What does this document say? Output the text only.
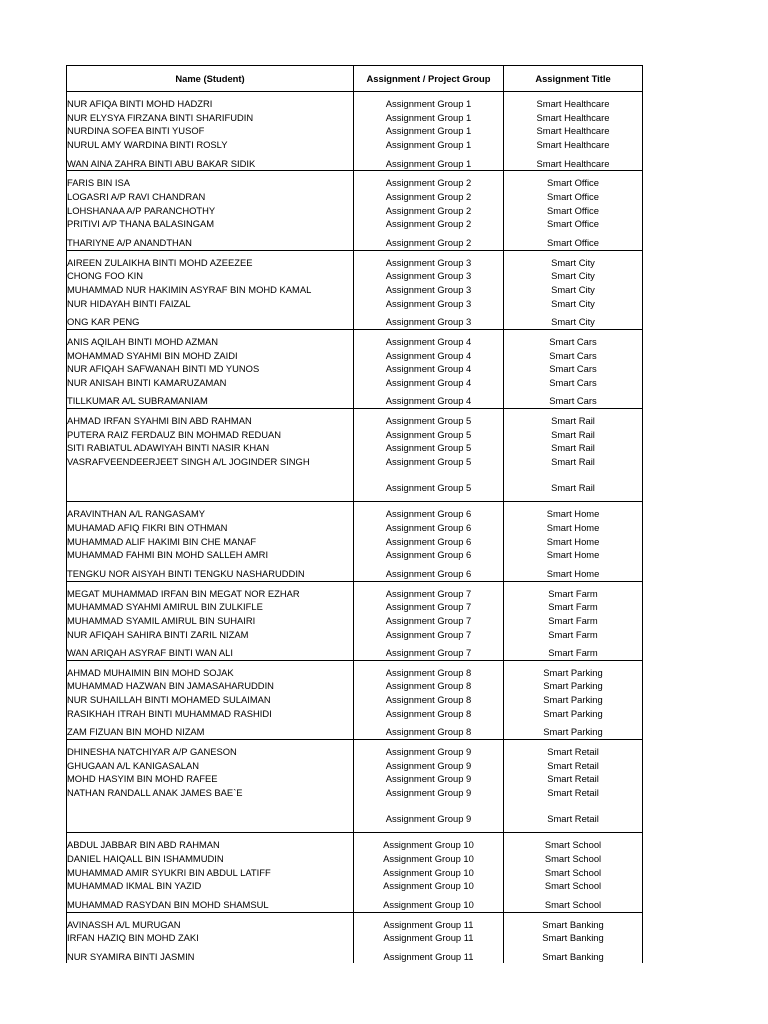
Name (Student)	Assignment / Project Group	Assignment Title

NUR AFIQA BINTI MOHD HADZRI	Assignment Group 1	Smart Healthcare
NUR ELYSYA FIRZANA BINTI SHARIFUDIN	Assignment Group 1	Smart Healthcare
NURDINA SOFEA BINTI YUSOF	Assignment Group 1	Smart Healthcare
NURUL AMY WARDINA BINTI ROSLY	Assignment Group 1	Smart Healthcare

WAN AINA ZAHRA BINTI ABU BAKAR SIDIK	Assignment Group 1	Smart Healthcare

FARIS BIN ISA	Assignment Group 2	Smart Office
LOGASRI A/P RAVI CHANDRAN	Assignment Group 2	Smart Office
LOHSHANAA A/P PARANCHOTHY	Assignment Group 2	Smart Office
PRITIVI A/P THANA BALASINGAM	Assignment Group 2	Smart Office

THARIYNE A/P ANANDTHAN	Assignment Group 2	Smart Office

AIREEN ZULAIKHA BINTI MOHD AZEEZEE	Assignment Group 3	Smart City
CHONG FOO KIN	Assignment Group 3	Smart City
MUHAMMAD NUR HAKIMIN ASYRAF BIN MOHD KAMAL	Assignment Group 3	Smart City
NUR HIDAYAH BINTI FAIZAL	Assignment Group 3	Smart City

ONG KAR PENG	Assignment Group 3	Smart City

ANIS AQILAH BINTI MOHD AZMAN	Assignment Group 4	Smart Cars
MOHAMMAD SYAHMI BIN MOHD ZAIDI	Assignment Group 4	Smart Cars
NUR AFIQAH SAFWANAH BINTI MD YUNOS	Assignment Group 4	Smart Cars
NUR ANISAH BINTI KAMARUZAMAN	Assignment Group 4	Smart Cars

TILLKUMAR A/L SUBRAMANIAM	Assignment Group 4	Smart Cars

AHMAD IRFAN SYAHMI BIN ABD RAHMAN	Assignment Group 5	Smart Rail
PUTERA RAIZ FERDAUZ BIN MOHMAD REDUAN	Assignment Group 5	Smart Rail
SITI RABIATUL ADAWIYAH BINTI NASIR KHAN	Assignment Group 5	Smart Rail
VASRAFVEENDEERJEET SINGH A/L JOGINDER SINGH	Assignment Group 5	Smart Rail

	Assignment Group 5	Smart Rail

ARAVINTHAN A/L RANGASAMY	Assignment Group 6	Smart Home
MUHAMAD AFIQ FIKRI BIN OTHMAN	Assignment Group 6	Smart Home
MUHAMMAD ALIF HAKIMI BIN CHE MANAF	Assignment Group 6	Smart Home
MUHAMMAD FAHMI BIN MOHD SALLEH AMRI	Assignment Group 6	Smart Home

TENGKU NOR AISYAH BINTI TENGKU NASHARUDDIN	Assignment Group 6	Smart Home

MEGAT MUHAMMAD IRFAN BIN MEGAT NOR EZHAR	Assignment Group 7	Smart Farm
MUHAMMAD SYAHMI AMIRUL BIN ZULKIFLE	Assignment Group 7	Smart Farm
MUHAMMAD SYAMIL AMIRUL BIN SUHAIRI	Assignment Group 7	Smart Farm
NUR AFIQAH SAHIRA BINTI ZARIL NIZAM	Assignment Group 7	Smart Farm

WAN ARIQAH ASYRAF BINTI WAN ALI	Assignment Group 7	Smart Farm

AHMAD MUHAIMIN BIN MOHD SOJAK	Assignment Group 8	Smart Parking
MUHAMMAD HAZWAN BIN JAMASAHARUDDIN	Assignment Group 8	Smart Parking
NUR SUHAILLAH BINTI MOHAMED SULAIMAN	Assignment Group 8	Smart Parking
RASIKHAH ITRAH BINTI MUHAMMAD RASHIDI	Assignment Group 8	Smart Parking

ZAM FIZUAN BIN MOHD NIZAM	Assignment Group 8	Smart Parking

DHINESHA NATCHIYAR A/P GANESON	Assignment Group 9	Smart Retail
GHUGAAN A/L KANIGASALAN	Assignment Group 9	Smart Retail
MOHD HASYIM BIN MOHD RAFEE	Assignment Group 9	Smart Retail
NATHAN RANDALL ANAK JAMES BAE`E	Assignment Group 9	Smart Retail

	Assignment Group 9	Smart Retail

ABDUL JABBAR BIN ABD RAHMAN	Assignment Group 10	Smart School
DANIEL HAIQALL BIN ISHAMMUDIN	Assignment Group 10	Smart School
MUHAMMAD AMIR SYUKRI BIN ABDUL LATIFF	Assignment Group 10	Smart School
MUHAMMAD IKMAL BIN YAZID	Assignment Group 10	Smart School

MUHAMMAD RASYDAN BIN MOHD SHAMSUL	Assignment Group 10	Smart School

AVINASSH A/L MURUGAN	Assignment Group 11	Smart Banking
IRFAN HAZIQ BIN MOHD ZAKI	Assignment Group 11	Smart Banking

NUR SYAMIRA BINTI JASMIN	Assignment Group 11	Smart Banking
